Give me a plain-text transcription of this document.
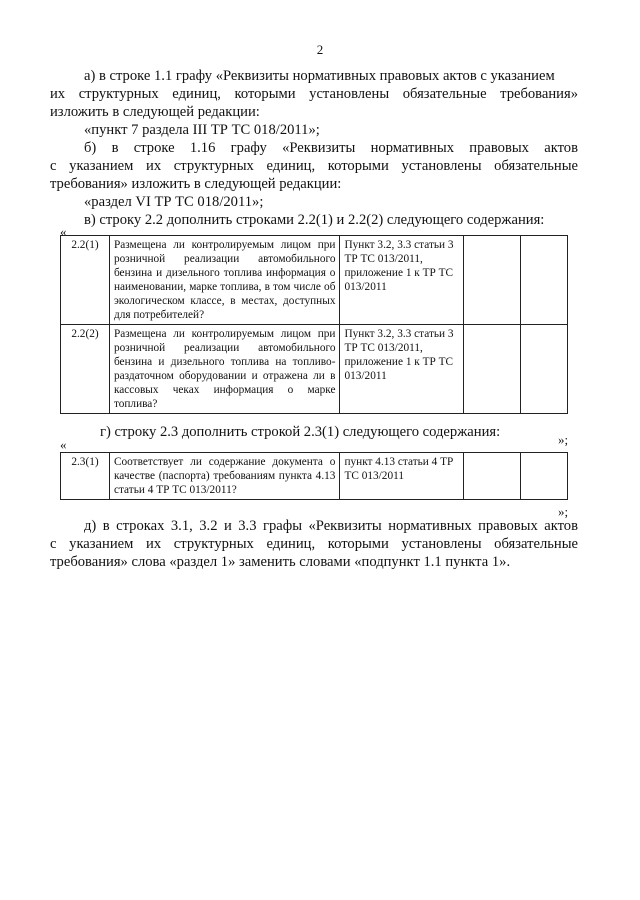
2
а) в строке 1.1 графу «Реквизиты нормативных правовых актов с указанием
их структурных единиц, которыми установлены обязательные требования»
изложить в следующей редакции:
«пункт 7 раздела III ТР ТС 018/2011»;
б) в строке 1.16 графу «Реквизиты нормативных правовых актов
с указанием их структурных единиц, которыми установлены обязательные
требования» изложить в следующей редакции:
«раздел VI ТР ТС 018/2011»;
в) строку 2.2 дополнить строками 2.2(1) и 2.2(2) следующего содержания:
«
2.2(1)	Размещена ли контролируемым лицом при розничной реализации автомобильного бензина и дизельного топлива информация о наименовании, марке топлива, в том числе об экологическом классе, в местах, доступных для потребителей?	Пункт 3.2, 3.3 статьи 3 ТР ТС 013/2011, приложение 1 к ТР ТС 013/2011		
2.2(2)	Размещена ли контролируемым лицом при розничной реализации автомобильного бензина и дизельного топлива на топливо-раздаточном оборудовании и отражена ли в кассовых чеках информация о марке топлива?	Пункт 3.2, 3.3 статьи 3 ТР ТС 013/2011, приложение 1 к ТР ТС 013/2011		
»;
г) строку 2.3 дополнить строкой 2.3(1) следующего содержания:
«
2.3(1)	Соответствует ли содержание документа о качестве (паспорта) требованиям пункта 4.13 статьи 4 ТР ТС 013/2011?	пункт 4.13 статьи 4 ТР ТС 013/2011		
»;
д) в строках 3.1, 3.2 и 3.3 графы «Реквизиты нормативных правовых актов
с указанием их структурных единиц, которыми установлены обязательные
требования» слова «раздел 1» заменить словами «подпункт 1.1 пункта 1».
